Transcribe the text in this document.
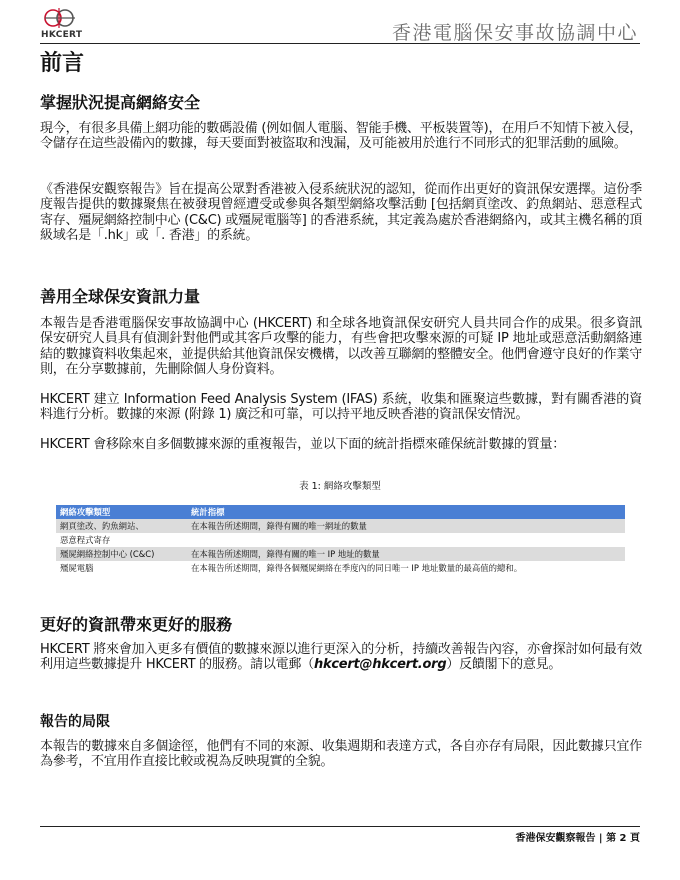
HKCERT	香港電腦保安事故協調中心
前言
掌握狀況提高網絡安全

現今，有很多具備上網功能的數碼設備 (例如個人電腦、智能手機、平板裝置等)，在用戶不知情下被入侵，令儲存在這些設備內的數據，每天要面對被盜取和洩漏，及可能被用於進行不同形式的犯罪活動的風險。

《香港保安觀察報告》旨在提高公眾對香港被入侵系統狀況的認知，從而作出更好的資訊保安選擇。這份季度報告提供的數據聚焦在被發現曾經遭受或參與各類型網絡攻擊活動 [包括網頁塗改、釣魚網站、惡意程式寄存、殭屍網絡控制中心 (C&C) 或殭屍電腦等] 的香港系統，其定義為處於香港網絡內，或其主機名稱的頂級域名是「.hk」或「. 香港」的系統。

善用全球保安資訊力量

本報告是香港電腦保安事故協調中心 (HKCERT) 和全球各地資訊保安研究人員共同合作的成果。很多資訊保安研究人員具有偵測針對他們或其客戶攻擊的能力，有些會把攻擊來源的可疑 IP 地址或惡意活動網絡連結的數據資料收集起來，並提供給其他資訊保安機構，以改善互聯網的整體安全。他們會遵守良好的作業守則，在分享數據前，先刪除個人身份資料。

HKCERT 建立 Information Feed Analysis System (IFAS) 系統，收集和匯聚這些數據，對有關香港的資料進行分析。數據的來源 (附錄 1) 廣泛和可靠，可以持平地反映香港的資訊保安情況。

HKCERT 會移除來自多個數據來源的重複報告，並以下面的統計指標來確保統計數據的質量：

表 1: 網絡攻擊類型
網絡攻擊類型	統計指標
網頁塗改、釣魚網站、	在本報告所述期間，錄得有關的唯一網址的數量
惡意程式寄存	
殭屍網絡控制中心 (C&C)	在本報告所述期間，錄得有關的唯一 IP 地址的數量
殭屍電腦	在本報告所述期間，錄得各個殭屍網絡在季度內的同日唯一 IP 地址數量的最高值的總和。
更好的資訊帶來更好的服務

HKCERT 將來會加入更多有價值的數據來源以進行更深入的分析，持續改善報告內容，亦會探討如何最有效利用這些數據提升 HKCERT 的服務。請以電郵（hkcert@hkcert.org）反饋閣下的意見。

報告的局限

本報告的數據來自多個途徑，他們有不同的來源、收集週期和表達方式，各自亦存有局限，因此數據只宜作為參考，不宜用作直接比較或視為反映現實的全貌。

香港保安觀察報告 | 第 2 頁
